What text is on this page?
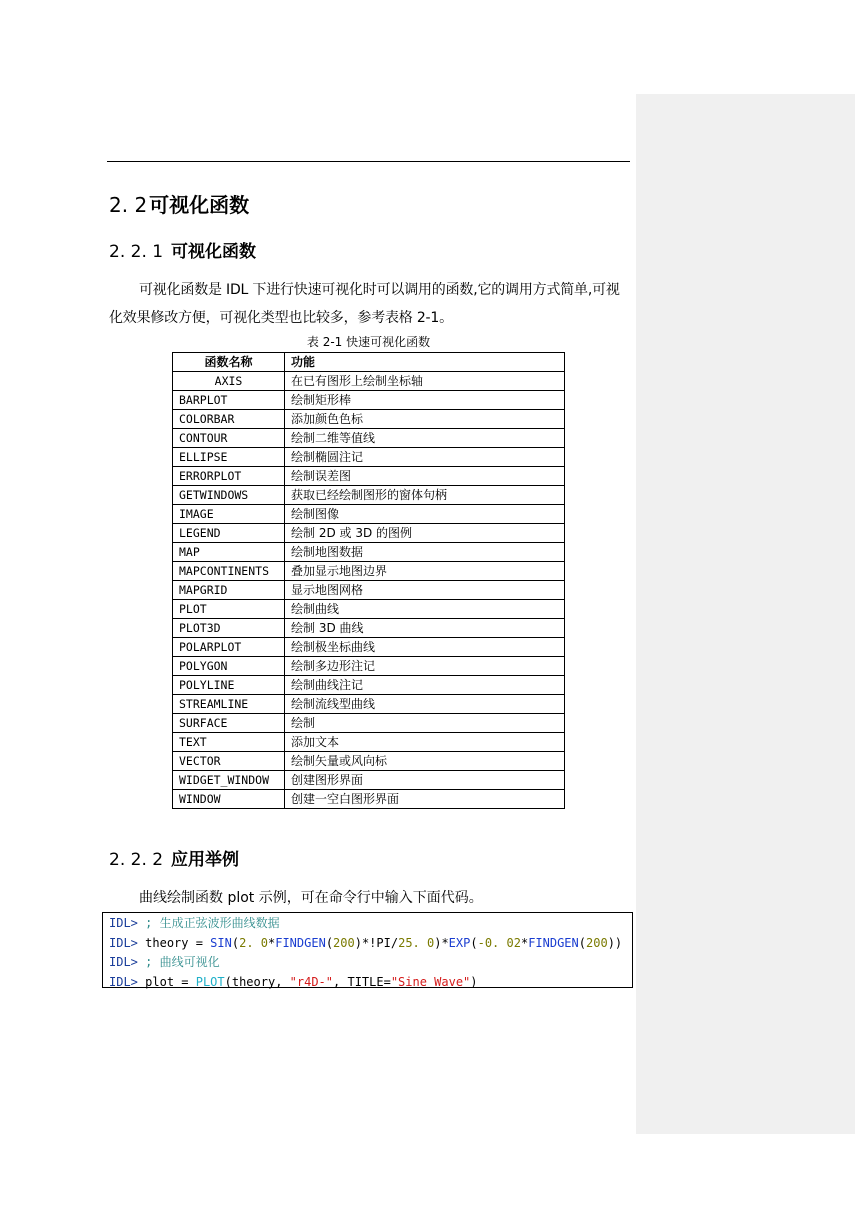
2. 2 可视化函数
2. 2. 1 可视化函数
可视化函数是 IDL 下进行快速可视化时可以调用的函数,它的调用方式简单,可视化效果修改方便，可视化类型也比较多，参考表格 2-1。
表 2-1 快速可视化函数
函数名称	功能
AXIS	在已有图形上绘制坐标轴
BARPLOT	绘制矩形棒
COLORBAR	添加颜色色标
CONTOUR	绘制二维等值线
ELLIPSE	绘制椭圆注记
ERRORPLOT	绘制误差图
GETWINDOWS	获取已经绘制图形的窗体句柄
IMAGE	绘制图像
LEGEND	绘制 2D 或 3D 的图例
MAP	绘制地图数据
MAPCONTINENTS	叠加显示地图边界
MAPGRID	显示地图网格
PLOT	绘制曲线
PLOT3D	绘制 3D 曲线
POLARPLOT	绘制极坐标曲线
POLYGON	绘制多边形注记
POLYLINE	绘制曲线注记
STREAMLINE	绘制流线型曲线
SURFACE	绘制
TEXT	添加文本
VECTOR	绘制矢量或风向标
WIDGET_WINDOW	创建图形界面
WINDOW	创建一空白图形界面
2. 2. 2 应用举例
曲线绘制函数 plot 示例，可在命令行中输入下面代码。
IDL> ; 生成正弦波形曲线数据
IDL> theory = SIN(2. 0*FINDGEN(200)*!PI/25. 0)*EXP(-0. 02*FINDGEN(200))
IDL> ; 曲线可视化
IDL> plot = PLOT(theory, "r4D-", TITLE="Sine Wave")
